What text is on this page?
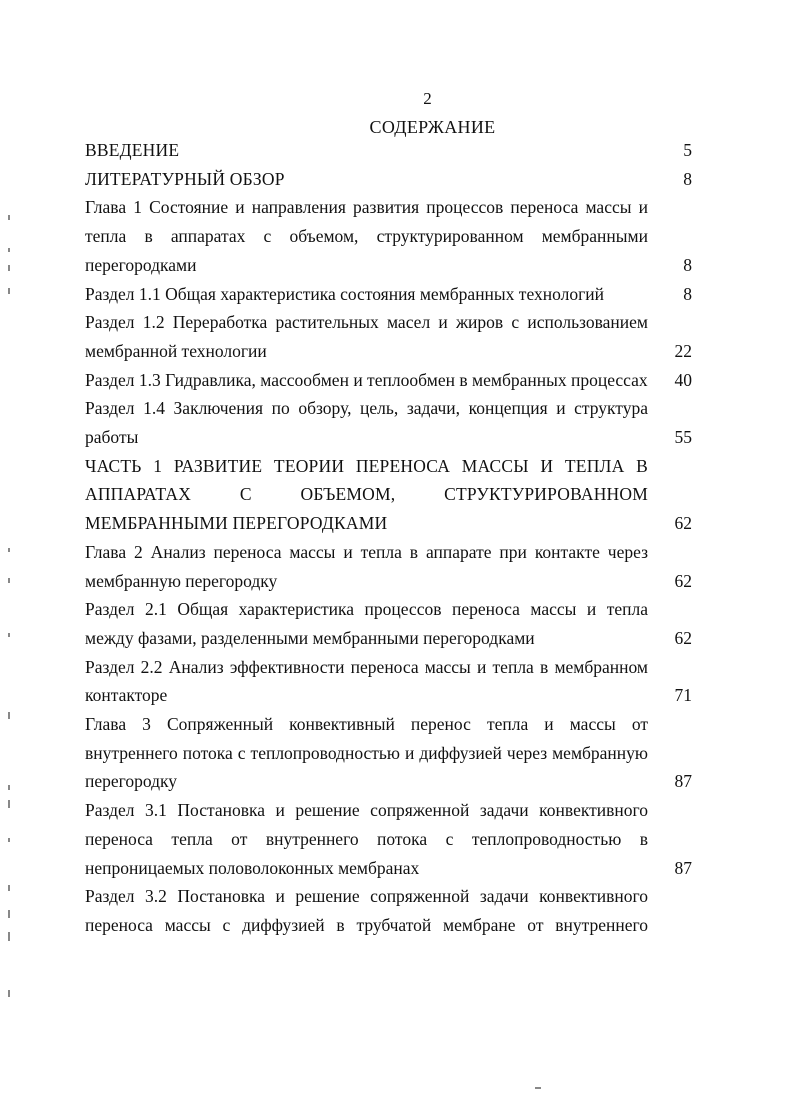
2
СОДЕРЖАНИЕ
ВВЕДЕНИЕ	5
ЛИТЕРАТУРНЫЙ ОБЗОР	8
Глава 1 Состояние и направления развития процессов переноса массы и тепла в аппаратах с объемом, структурированном мембранными перегородками	8
Раздел 1.1 Общая характеристика состояния мембранных технологий	8
Раздел 1.2 Переработка растительных масел и жиров с использованием мембранной технологии	22
Раздел 1.3 Гидравлика, массообмен и теплообмен в мембранных процессах 40
Раздел 1.4 Заключения по обзору, цель, задачи, концепция и структура работы	55
ЧАСТЬ 1 РАЗВИТИЕ ТЕОРИИ ПЕРЕНОСА МАССЫ И ТЕПЛА В АППАРАТАХ С ОБЪЕМОМ, СТРУКТУРИРОВАННОМ МЕМБРАННЫМИ ПЕРЕГОРОДКАМИ	62
Глава 2 Анализ переноса массы и тепла в аппарате при контакте через мембранную перегородку	62
Раздел 2.1 Общая характеристика процессов переноса массы и тепла между фазами, разделенными мембранными перегородками	62
Раздел 2.2 Анализ эффективности переноса массы и тепла в мембранном контакторе	71
Глава 3 Сопряженный конвективный перенос тепла и массы от внутреннего потока с теплопроводностью и диффузией через мембранную перегородку	87
Раздел 3.1 Постановка и решение сопряженной задачи конвективного переноса тепла от внутреннего потока с теплопроводностью в непроницаемых половолоконных мембранах	87
Раздел 3.2 Постановка и решение сопряженной задачи конвективного переноса массы с диффузией в трубчатой мембране от внутреннего
